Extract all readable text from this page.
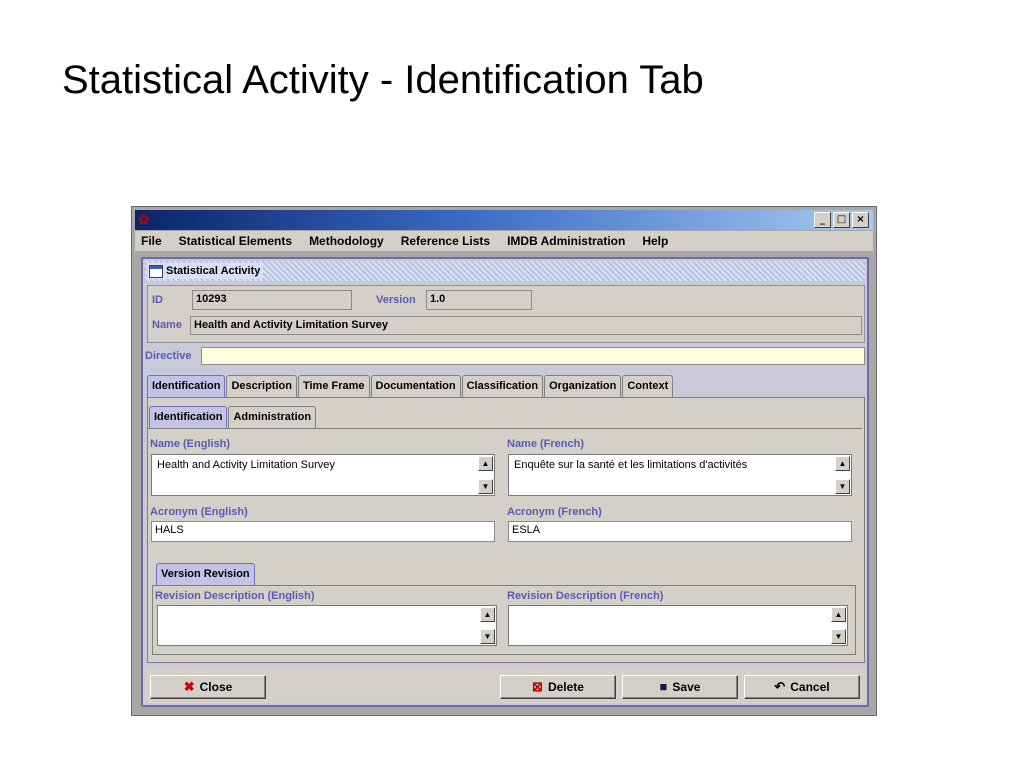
Statistical Activity - Identification Tab
✿	_	□	×
File	Statistical Elements	Methodology	Reference Lists	IMDB Administration	Help
Statistical Activity
ID	10293	Version	1.0
Name	Health and Activity Limitation Survey
Directive
Identification	Description	Time Frame	Documentation	Classification	Organization	Context
Identification	Administration
Name (English)
Health and Activity Limitation Survey	▲
▼
Name (French)
Enquête sur la santé et les limitations d'activités	▲
▼
Acronym (English)
HALS
Acronym (French)
ESLA
Version Revision
Revision Description (English)
▲
▼
Revision Description (French)
▲
▼
✖ Close	⊠ Delete	■ Save	↶ Cancel
